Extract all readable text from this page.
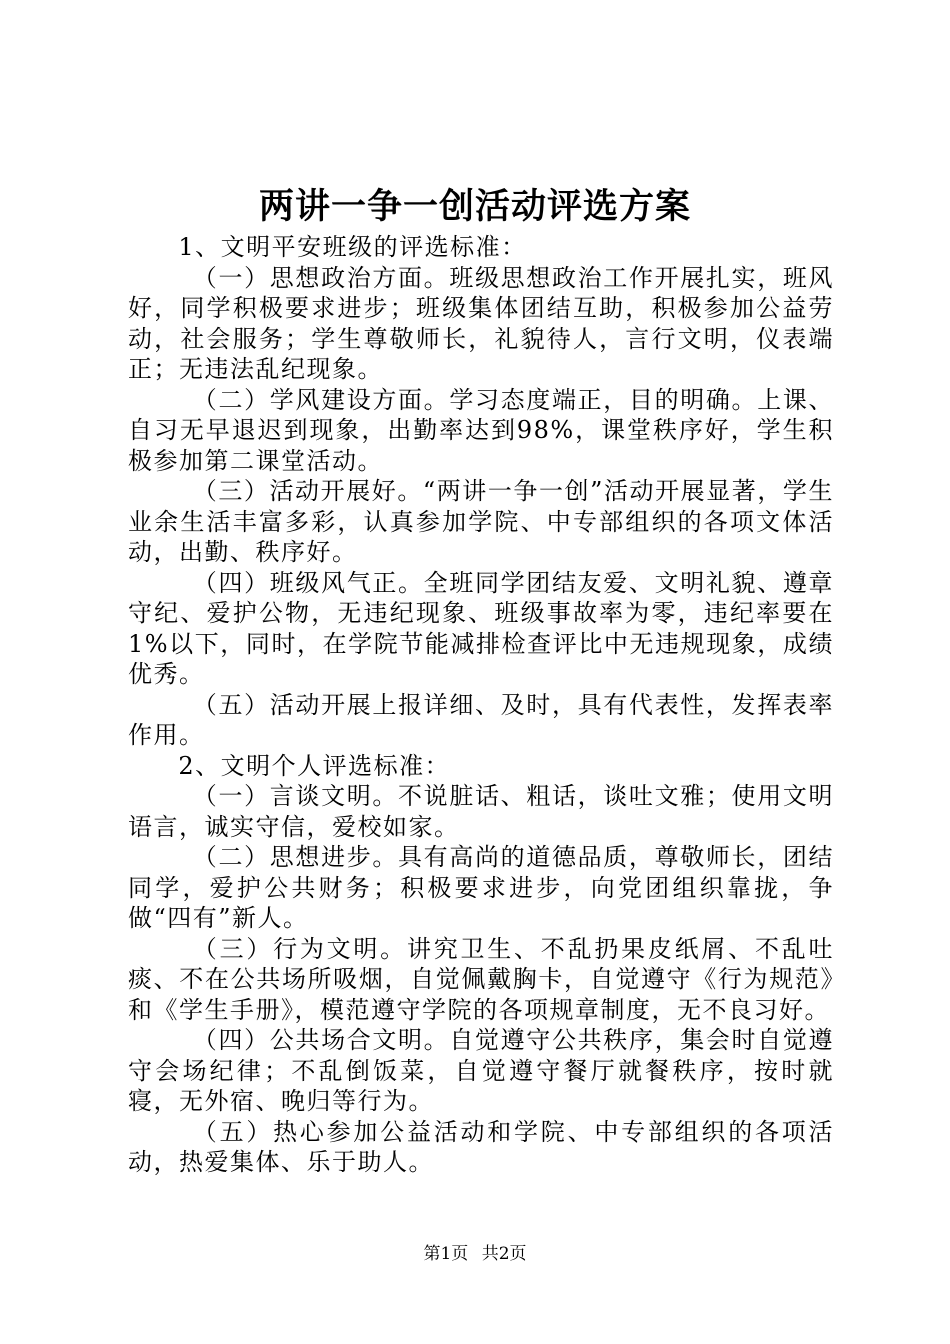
两讲一争一创活动评选方案

1、文明平安班级的评选标准：

（一）思想政治方面。班级思想政治工作开展扎实，班风好，同学积极要求进步；班级集体团结互助，积极参加公益劳动，社会服务；学生尊敬师长，礼貌待人，言行文明，仪表端正；无违法乱纪现象。

（二）学风建设方面。学习态度端正，目的明确。上课、自习无早退迟到现象，出勤率达到98%，课堂秩序好，学生积极参加第二课堂活动。

（三）活动开展好。“两讲一争一创”活动开展显著，学生业余生活丰富多彩，认真参加学院、中专部组织的各项文体活动，出勤、秩序好。

（四）班级风气正。全班同学团结友爱、文明礼貌、遵章守纪、爱护公物，无违纪现象、班级事故率为零，违纪率要在1%以下，同时，在学院节能减排检查评比中无违规现象，成绩优秀。

（五）活动开展上报详细、及时，具有代表性，发挥表率作用。

2、文明个人评选标准：

（一）言谈文明。不说脏话、粗话，谈吐文雅；使用文明语言，诚实守信，爱校如家。

（二）思想进步。具有高尚的道德品质，尊敬师长，团结同学，爱护公共财务；积极要求进步，向党团组织靠拢，争做“四有”新人。

（三）行为文明。讲究卫生、不乱扔果皮纸屑、不乱吐痰、不在公共场所吸烟，自觉佩戴胸卡，自觉遵守《行为规范》和《学生手册》，模范遵守学院的各项规章制度，无不良习好。

（四）公共场合文明。自觉遵守公共秩序，集会时自觉遵守会场纪律；不乱倒饭菜，自觉遵守餐厅就餐秩序，按时就寝，无外宿、晚归等行为。

（五）热心参加公益活动和学院、中专部组织的各项活动，热爱集体、乐于助人。

第1页 共2页
